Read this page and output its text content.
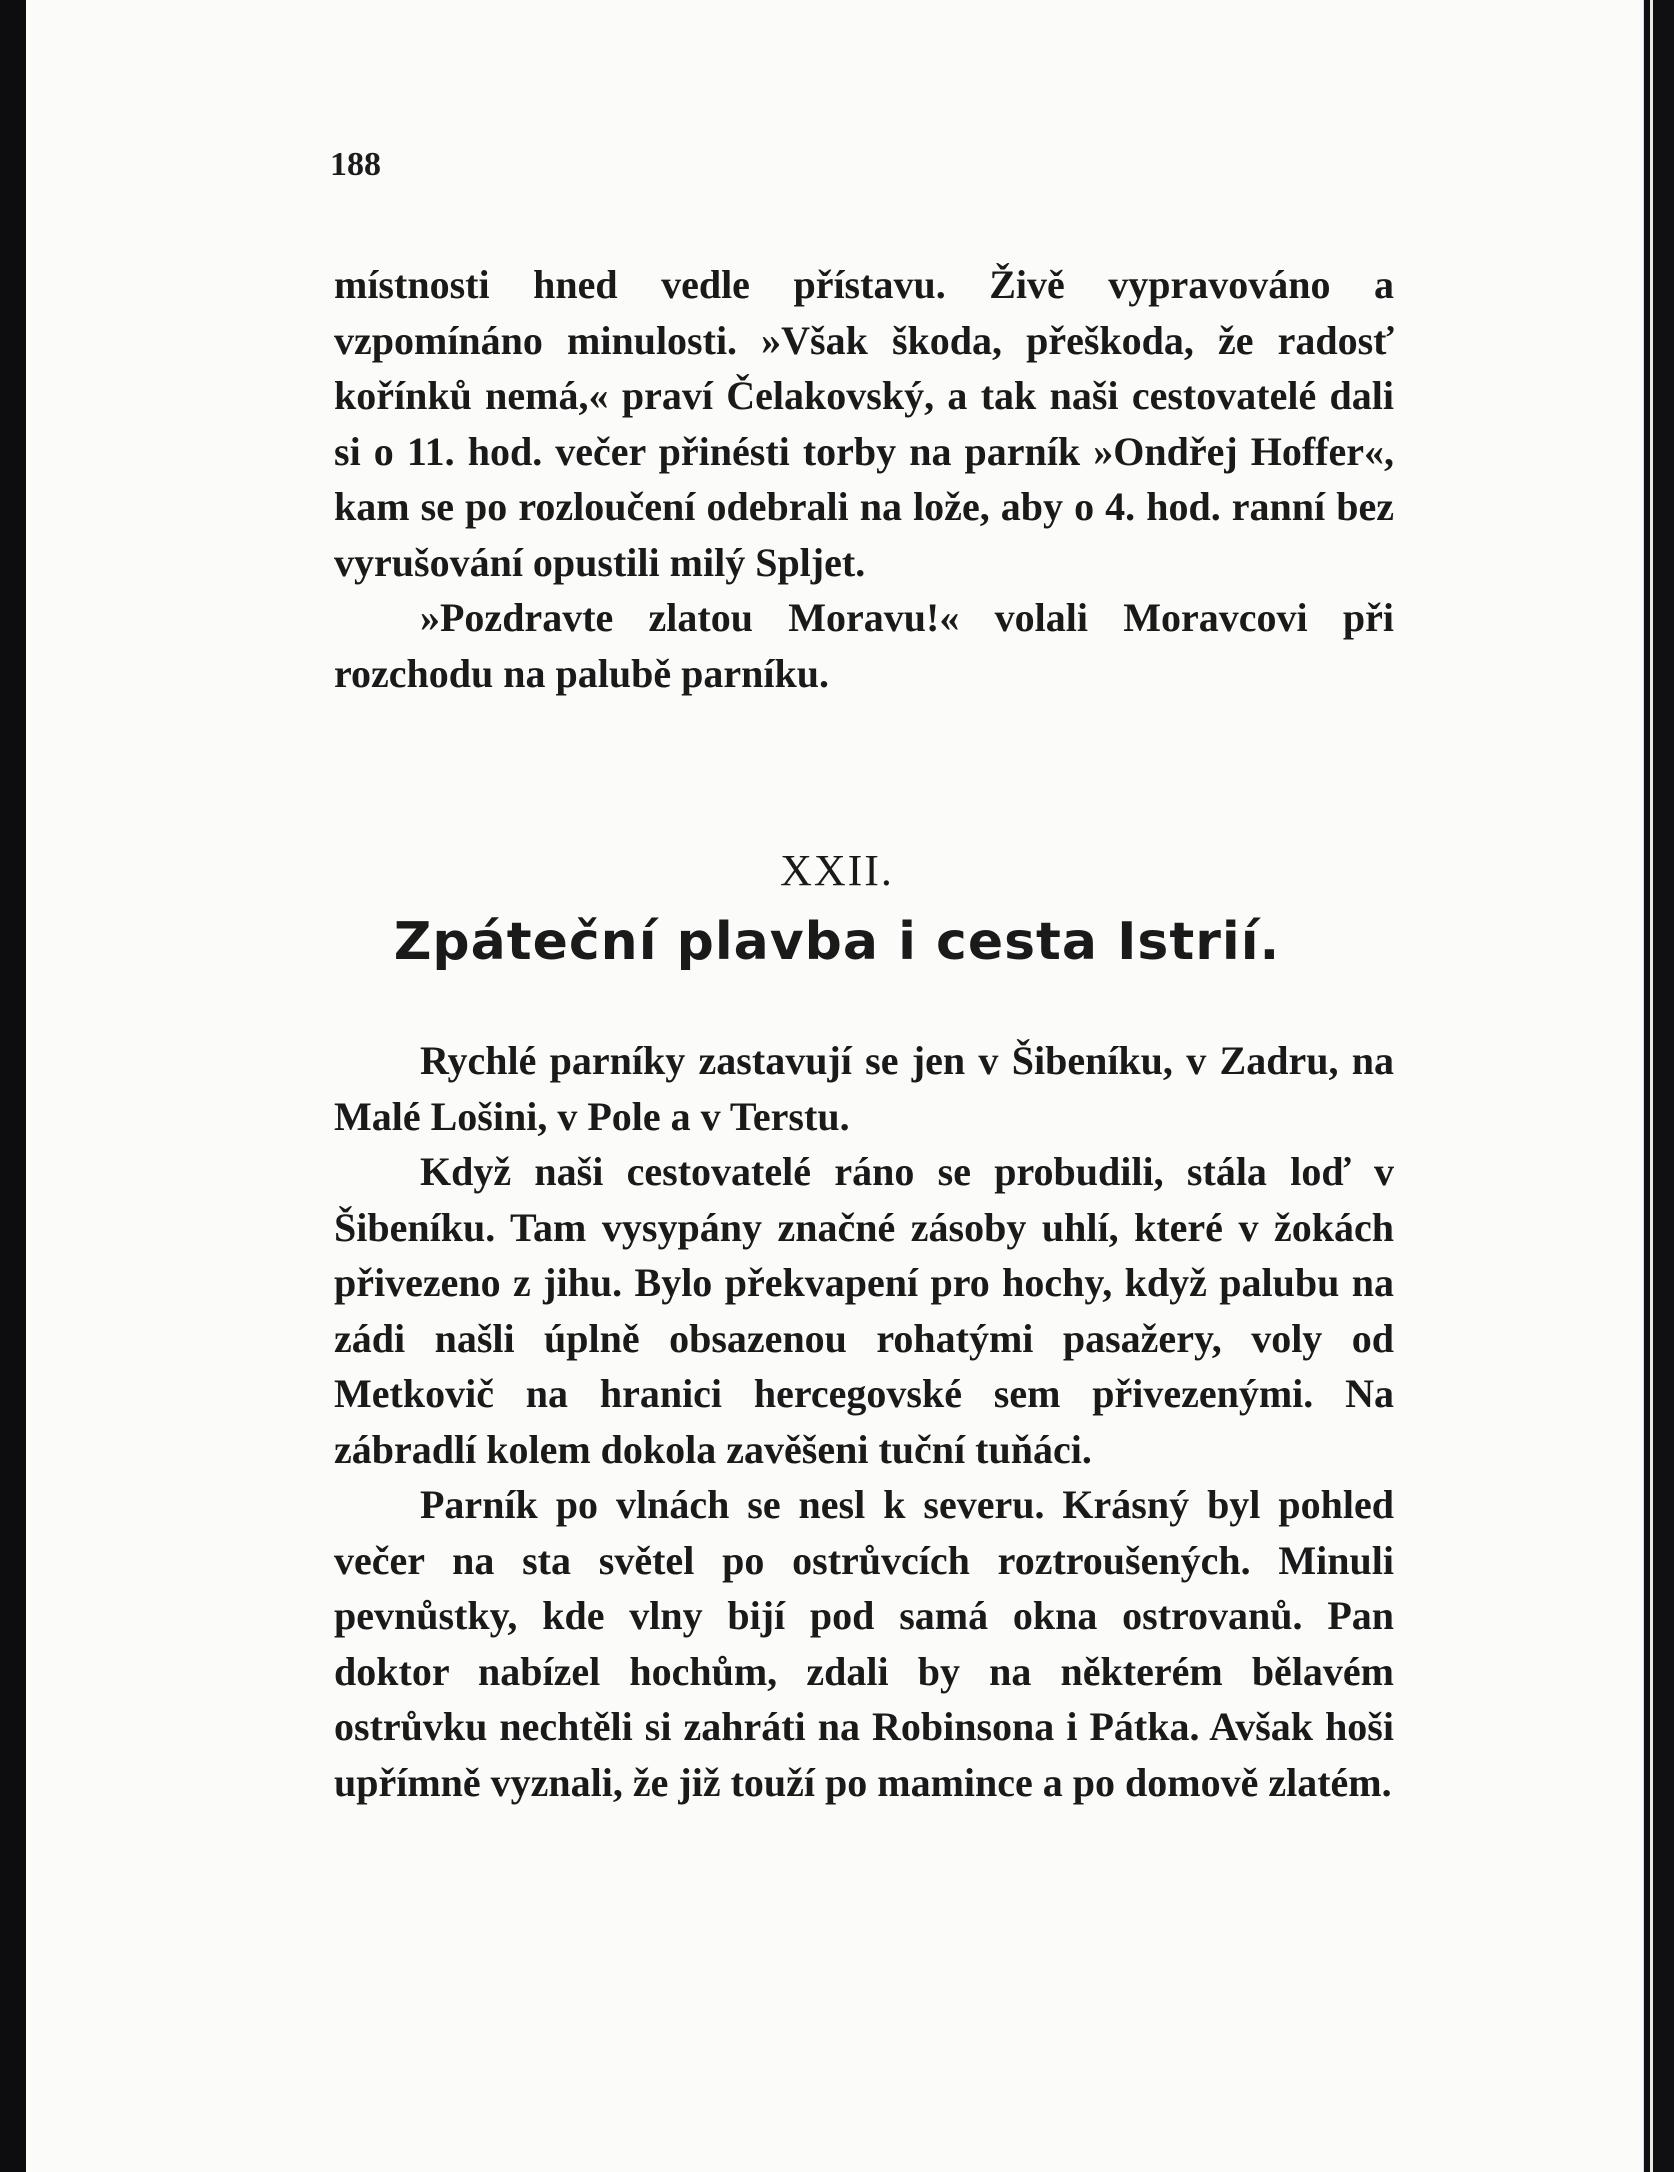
188

místnosti hned vedle přístavu. Živě vypravováno a vzpomínáno minulosti. »Však škoda, přeškoda, že radosť kořínků nemá,« praví Čelakovský, a tak naši cestovatelé dali si o 11. hod. večer přinésti torby na parník »Ondřej Hoffer«, kam se po rozloučení odebrali na lože, aby o 4. hod. ranní bez vyrušování opustili milý Spljet.

»Pozdravte zlatou Moravu!« volali Moravcovi při rozchodu na palubě parníku.

XXII.

Zpáteční plavba i cesta Istrií.

Rychlé parníky zastavují se jen v Šibeníku, v Zadru, na Malé Lošini, v Pole a v Terstu.

Když naši cestovatelé ráno se probudili, stála loď v Šibeníku. Tam vysypány značné zásoby uhlí, které v žokách přivezeno z jihu. Bylo překvapení pro hochy, když palubu na zádi našli úplně obsazenou rohatými pasažery, voly od Metkovič na hranici hercegovské sem přivezenými. Na zábradlí kolem dokola zavěšeni tuční tuňáci.

Parník po vlnách se nesl k severu. Krásný byl pohled večer na sta světel po ostrůvcích roztroušených. Minuli pevnůstky, kde vlny bijí pod samá okna ostrovanů. Pan doktor nabízel hochům, zdali by na některém bělavém ostrůvku nechtěli si zahráti na Robinsona i Pátka. Avšak hoši upřímně vyznali, že již touží po mamince a po domově zlatém.
